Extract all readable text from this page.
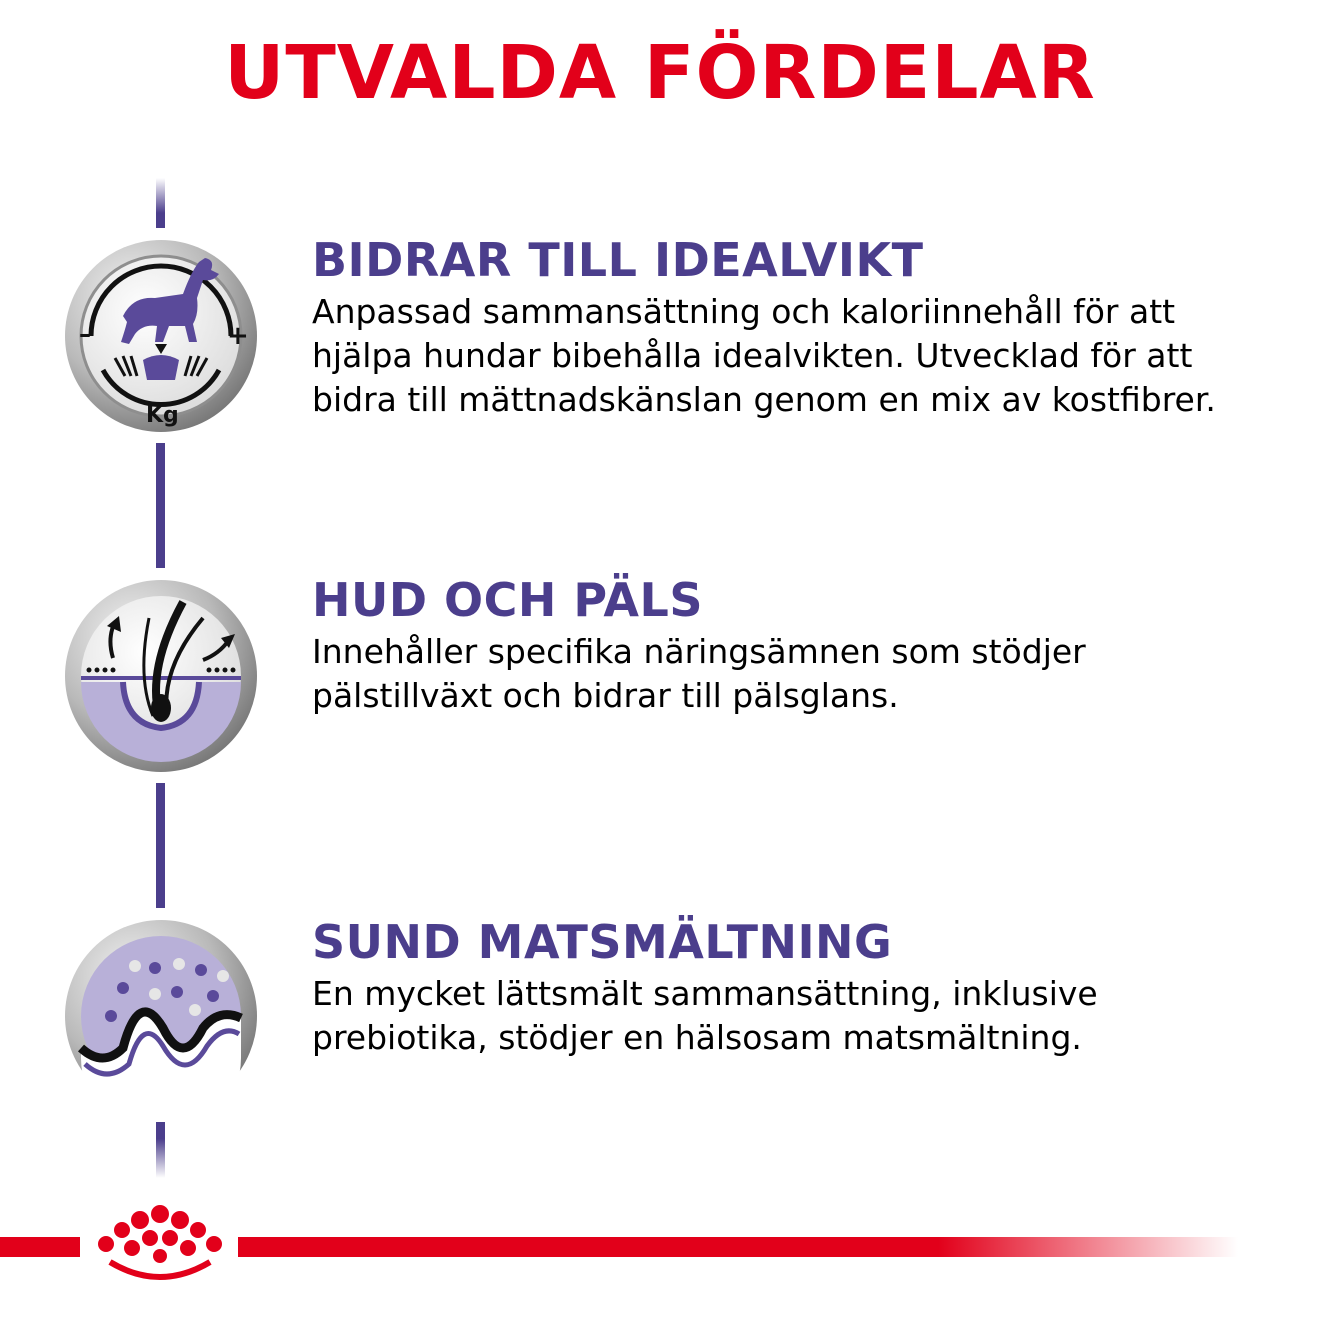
UTVALDA FÖRDELAR
–	+
Kg
BIDRAR TILL IDEALVIKT

Anpassad sammansättning och kaloriinnehåll för att
hjälpa hundar bibehålla idealvikten. Utvecklad för att
bidra till mättnadskänslan genom en mix av kostfibrer.

HUD OCH PÄLS

Innehåller specifika näringsämnen som stödjer
pälstillväxt och bidrar till pälsglans.

SUND MATSMÄLTNING

En mycket lättsmält sammansättning, inklusive
prebiotika, stödjer en hälsosam matsmältning.
